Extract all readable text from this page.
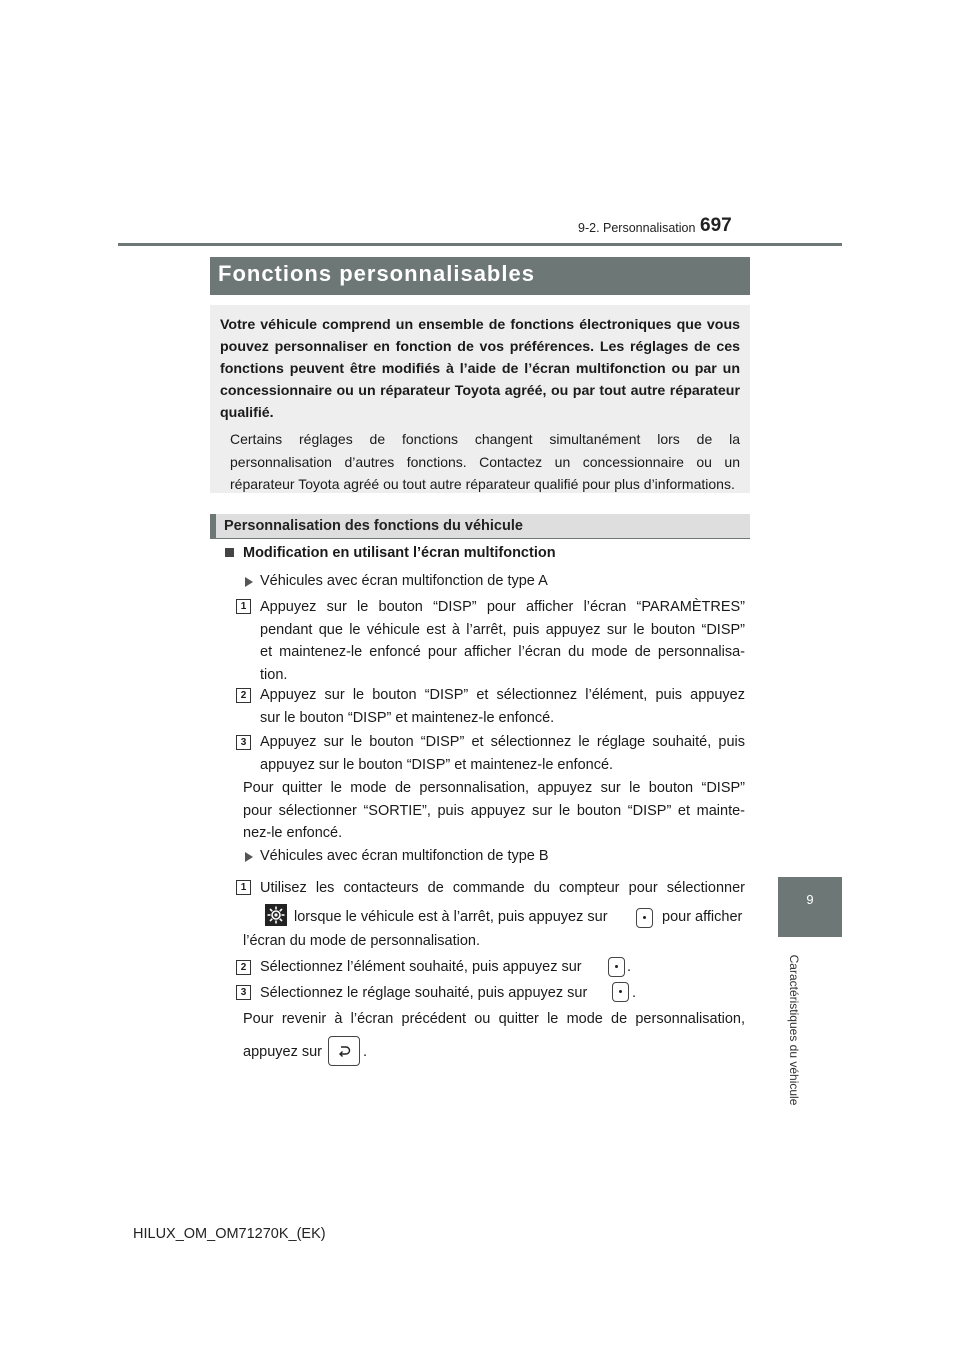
9-2. Personnalisation 697
9
Caractéristiques du véhicule
Fonctions personnalisables
Votre véhicule comprend un ensemble de fonctions électroniques que vous pouvez personnaliser en fonction de vos préférences. Les réglages de ces fonctions peuvent être modifiés à l’aide de l’écran multifonction ou par un concessionnaire ou un réparateur Toyota agréé, ou par tout autre réparateur qualifié.
Certains réglages de fonctions changent simultanément lors de la personnalisation d’autres fonctions. Contactez un concessionnaire ou un réparateur Toyota agréé ou tout autre réparateur qualifié pour plus d’informations.
Personnalisation des fonctions du véhicule
Modification en utilisant l’écran multifonction
Véhicules avec écran multifonction de type A
1 Appuyez sur le bouton “DISP” pour afficher l’écran “PARAMÈTRES”
pendant que le véhicule est à l’arrêt, puis appuyez sur le bouton “DISP”
et maintenez-le enfoncé pour afficher l’écran du mode de personnalisa-
tion.
2 Appuyez sur le bouton “DISP” et sélectionnez l’élément, puis appuyez
sur le bouton “DISP” et maintenez-le enfoncé.
3 Appuyez sur le bouton “DISP” et sélectionnez le réglage souhaité, puis
appuyez sur le bouton “DISP” et maintenez-le enfoncé.
Pour quitter le mode de personnalisation, appuyez sur le bouton “DISP”
pour sélectionner “SORTIE”, puis appuyez sur le bouton “DISP” et mainte-
nez-le enfoncé.
Véhicules avec écran multifonction de type B
1 Utilisez les contacteurs de commande du compteur pour sélectionner
lorsque le véhicule est à l’arrêt, puis appuyez sur	pour afficher
l’écran du mode de personnalisation.
2 Sélectionnez l’élément souhaité, puis appuyez sur	.
3 Sélectionnez le réglage souhaité, puis appuyez sur	.
Pour revenir à l’écran précédent ou quitter le mode de personnalisation,
appuyez sur	.
HILUX_OM_OM71270K_(EK)
